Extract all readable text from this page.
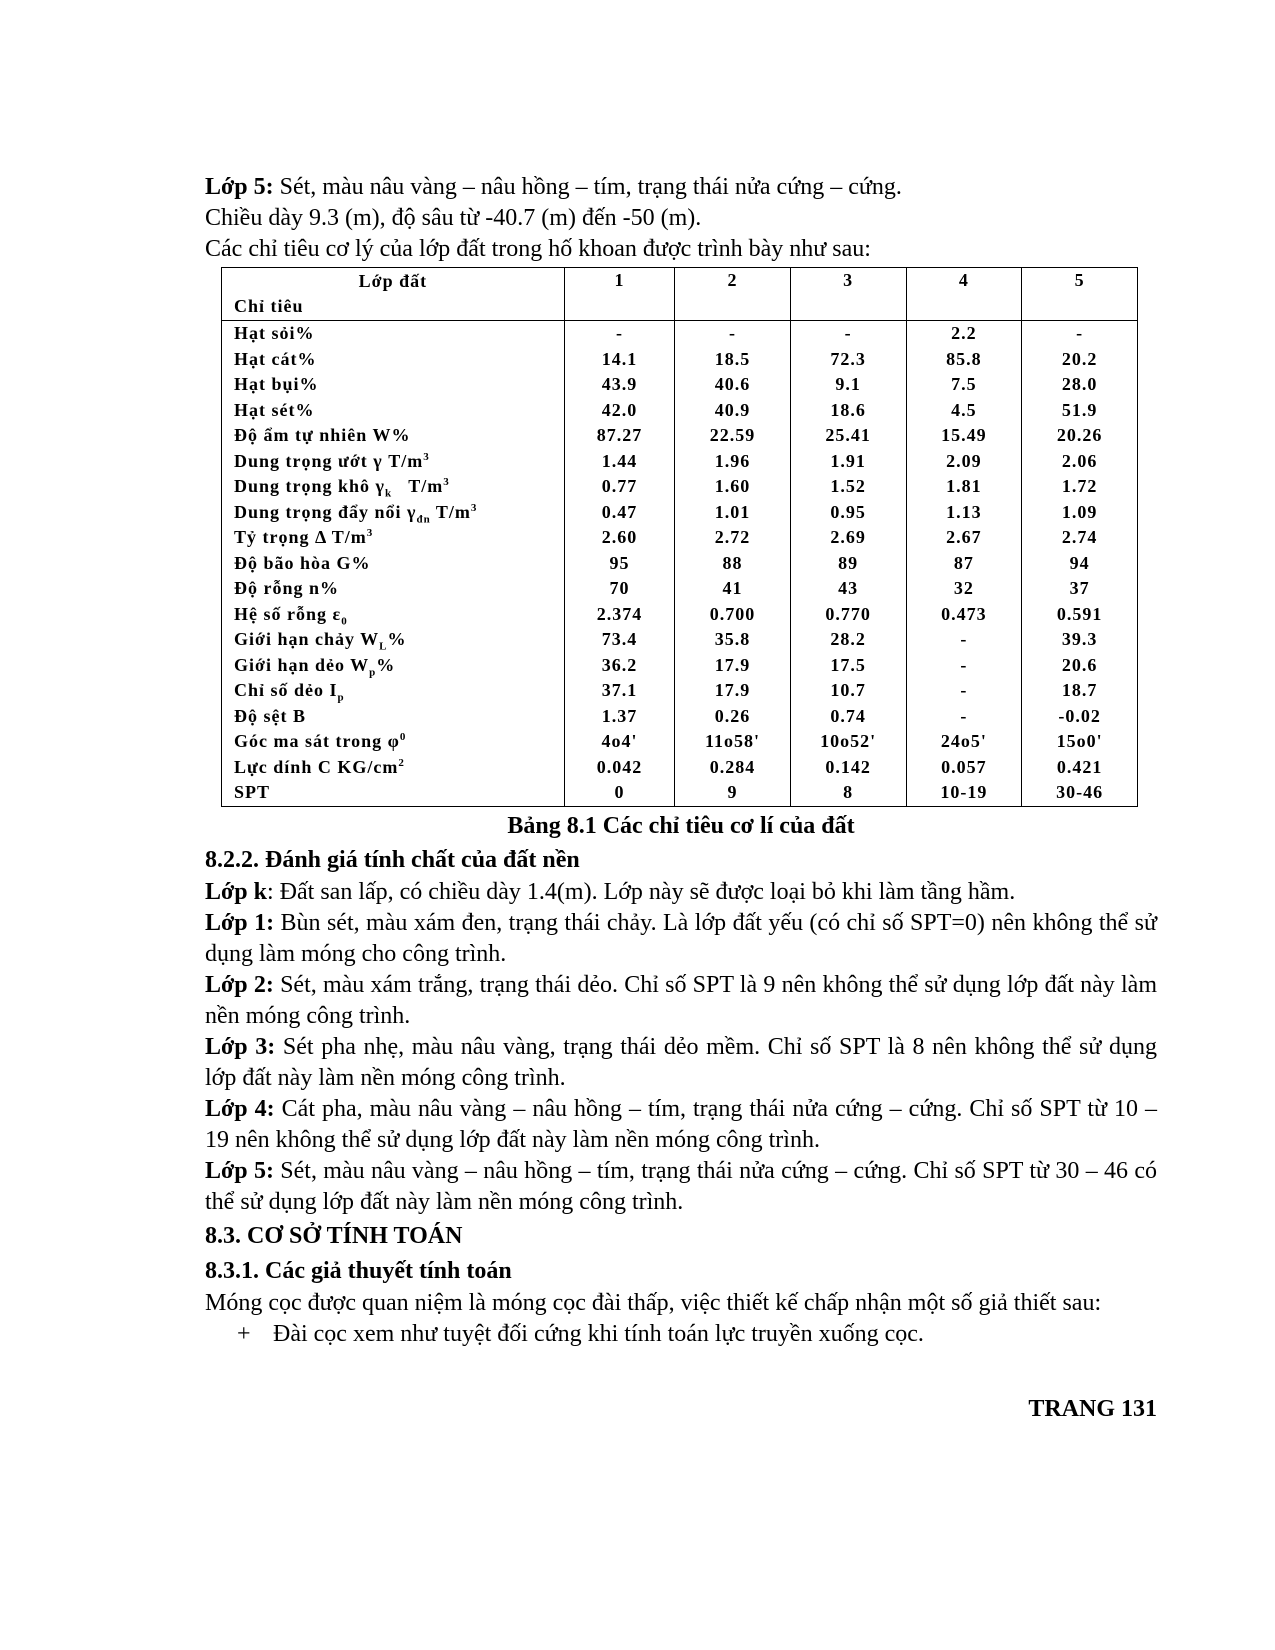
Lớp 5: Sét, màu nâu vàng – nâu hồng – tím, trạng thái nửa cứng – cứng.

Chiều dày 9.3 (m), độ sâu từ -40.7 (m) đến -50 (m).

Các chỉ tiêu cơ lý của lớp đất trong hố khoan được trình bày như sau:

Lớp đất
Chỉ tiêu	1	2	3	4	5
Hạt sỏi%	-	-	-	2.2	-
Hạt cát%	14.1	18.5	72.3	85.8	20.2
Hạt bụi%	43.9	40.6	9.1	7.5	28.0
Hạt sét%	42.0	40.9	18.6	4.5	51.9
Độ ẩm tự nhiên W%	87.27	22.59	25.41	15.49	20.26
Dung trọng ướt γ $T/m^3$	1.44	1.96	1.91	2.09	2.06
Dung trọng khô $\gamma_k$   $T/m^3$	0.77	1.60	1.52	1.81	1.72
Dung trọng đẩy nổi $\gamma_{đn}$ $T/m^3$	0.47	1.01	0.95	1.13	1.09
Tỷ trọng Δ $T/m^3$	2.60	2.72	2.69	2.67	2.74
Độ bão hòa G%	95	88	89	87	94
Độ rỗng n%	70	41	43	32	37
Hệ số rỗng $\varepsilon_0$	2.374	0.700	0.770	0.473	0.591
Giới hạn chảy $W_L\%$	73.4	35.8	28.2	-	39.3
Giới hạn dẻo $W_p\%$	36.2	17.9	17.5	-	20.6
Chỉ số dẻo $I_p$	37.1	17.9	10.7	-	18.7
Độ sệt B	1.37	0.26	0.74	-	-0.02
Góc ma sát trong $\varphi^0$	4o4'	11o58'	10o52'	24o5'	15o0'
Lực dính C $KG/cm^2$	0.042	0.284	0.142	0.057	0.421
SPT	0	9	8	10-19	30-46

Bảng 8.1 Các chỉ tiêu cơ lí của đất

8.2.2. Đánh giá tính chất của đất nền

Lớp k: Đất san lấp, có chiều dày 1.4(m). Lớp này sẽ được loại bỏ khi làm tầng hầm.

Lớp 1: Bùn sét, màu xám đen, trạng thái chảy. Là lớp đất yếu (có chỉ số SPT=0) nên không thể sử dụng làm móng cho công trình.

Lớp 2: Sét, màu xám trắng, trạng thái dẻo. Chỉ số SPT là 9 nên không thể sử dụng lớp đất này làm nền móng công trình.

Lớp 3: Sét pha nhẹ, màu nâu vàng, trạng thái dẻo mềm. Chỉ số SPT là 8 nên không thể sử dụng lớp đất này làm nền móng công trình.

Lớp 4: Cát pha, màu nâu vàng – nâu hồng – tím, trạng thái nửa cứng – cứng. Chỉ số SPT từ 10 – 19 nên không thể sử dụng lớp đất này làm nền móng công trình.

Lớp 5: Sét, màu nâu vàng – nâu hồng – tím, trạng thái nửa cứng – cứng. Chỉ số SPT từ 30 – 46 có thể sử dụng lớp đất này làm nền móng công trình.

8.3. CƠ SỞ TÍNH TOÁN

8.3.1. Các giả thuyết tính toán

Móng cọc được quan niệm là móng cọc đài thấp, việc thiết kế chấp nhận một số giả thiết sau:

+ Đài cọc xem như tuyệt đối cứng khi tính toán lực truyền xuống cọc.

TRANG 131
